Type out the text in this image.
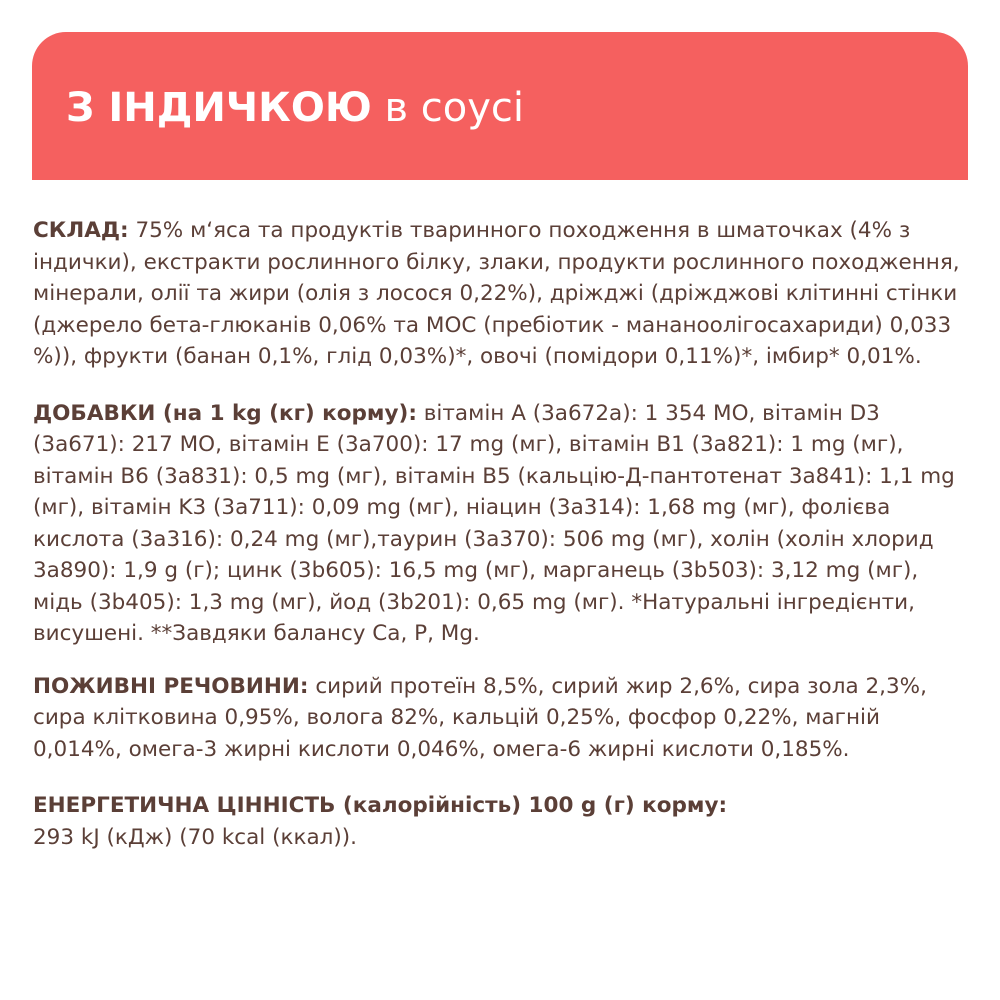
З ІНДИЧКОЮ в соусі

СКЛАД: 75% м‘яса та продуктів тваринного походження в шматочках (4% з індички), екстракти рослинного білку, злаки, продукти рослинного походження, мінерали, олії та жири (олія з лосося 0,22%), дріжджі (дріжджові клітинні стінки (джерело бета-глюканів 0,06% та МОС (пребіотик - мананоолігосахариди) 0,033 %)), фрукти (банан 0,1%, глід 0,03%)*, овочі (помідори 0,11%)*, імбир* 0,01%.

ДОБАВКИ (на 1 kg (кг) корму): вітамін A (3a672a): 1 354 МО, вітамін D3 (3a671): 217 МО, вітамін E (3a700): 17 mg (мг), вітамін B1 (3a821): 1 mg (мг), вітамін B6 (3a831): 0,5 mg (мг), вітамін B5 (кальцію-Д-пантотенат 3a841): 1,1 mg (мг), вітамін K3 (3a711): 0,09 mg (мг), ніацин (3a314): 1,68 mg (мг), фолієва кислота (3a316): 0,24 mg (мг),таурин (3a370): 506 mg (мг), холін (холін хлорид 3a890): 1,9 g (г); цинк (3b605): 16,5 mg (мг), марганець (3b503): 3,12 mg (мг), мідь (3b405): 1,3 mg (мг), йод (3b201): 0,65 mg (мг). *Натуральні інгредієнти, висушені. **Завдяки балансу Ca, P, Mg.

ПОЖИВНІ РЕЧОВИНИ: сирий протеїн 8,5%, сирий жир 2,6%, сира зола 2,3%, сира клітковина 0,95%, волога 82%, кальцій 0,25%, фосфор 0,22%, магній 0,014%, омега-3 жирні кислоти 0,046%, омега-6 жирні кислоти 0,185%.

ЕНЕРГЕТИЧНА ЦІННІСТЬ (калорійність) 100 g (г) корму:
293 kJ (кДж) (70 kcal (ккал)).
